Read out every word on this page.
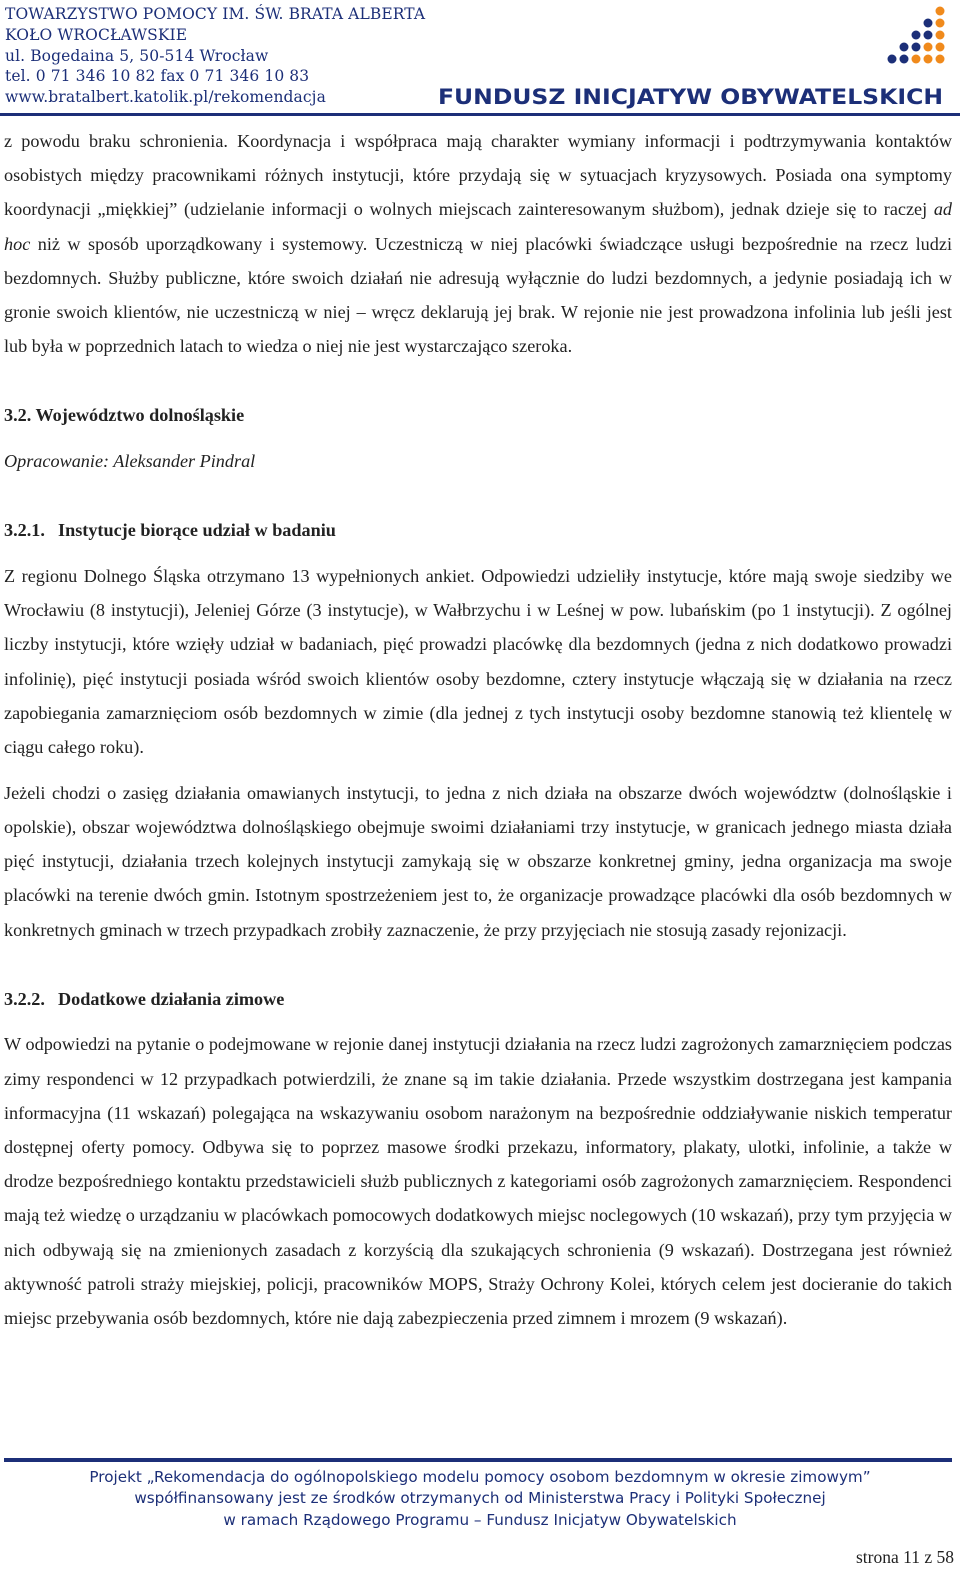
TOWARZYSTWO POMOCY IM. ŚW. BRATA ALBERTA
KOŁO WROCŁAWSKIE
ul. Bogedaina 5, 50-514 Wrocław
tel. 0 71 346 10 82 fax 0 71 346 10 83
www.bratalbert.katolik.pl/rekomendacja	FUNDUSZ INICJATYW OBYWATELSKICH

z powodu braku schronienia. Koordynacja i współpraca mają charakter wymiany informacji i podtrzymywania kontaktów osobistych między pracownikami różnych instytucji, które przydają się w sytuacjach kryzysowych. Posiada ona symptomy koordynacji „miękkiej” (udzielanie informacji o wolnych miejscach zainteresowanym służbom), jednak dzieje się to raczej ad hoc niż w sposób uporządkowany i systemowy. Uczestniczą w niej placówki świadczące usługi bezpośrednie na rzecz ludzi bezdomnych. Służby publiczne, które swoich działań nie adresują wyłącznie do ludzi bezdomnych, a jedynie posiadają ich w gronie swoich klientów, nie uczestniczą w niej – wręcz deklarują jej brak. W rejonie nie jest prowadzona infolinia lub jeśli jest lub była w poprzednich latach to wiedza o niej nie jest wystarczająco szeroka.

3.2. Województwo dolnośląskie

Opracowanie: Aleksander Pindral

3.2.1. Instytucje biorące udział w badaniu

Z regionu Dolnego Śląska otrzymano 13 wypełnionych ankiet. Odpowiedzi udzieliły instytucje, które mają swoje siedziby we Wrocławiu (8 instytucji), Jeleniej Górze (3 instytucje), w Wałbrzychu i w Leśnej w pow. lubańskim (po 1 instytucji). Z ogólnej liczby instytucji, które wzięły udział w badaniach, pięć prowadzi placówkę dla bezdomnych (jedna z nich dodatkowo prowadzi infolinię), pięć instytucji posiada wśród swoich klientów osoby bezdomne, cztery instytucje włączają się w działania na rzecz zapobiegania zamarznięciom osób bezdomnych w zimie (dla jednej z tych instytucji osoby bezdomne stanowią też klientelę w ciągu całego roku).

Jeżeli chodzi o zasięg działania omawianych instytucji, to jedna z nich działa na obszarze dwóch województw (dolnośląskie i opolskie), obszar województwa dolnośląskiego obejmuje swoimi działaniami trzy instytucje, w granicach jednego miasta działa pięć instytucji, działania trzech kolejnych instytucji zamykają się w obszarze konkretnej gminy, jedna organizacja ma swoje placówki na terenie dwóch gmin. Istotnym spostrzeżeniem jest to, że organizacje prowadzące placówki dla osób bezdomnych w konkretnych gminach w trzech przypadkach zrobiły zaznaczenie, że przy przyjęciach nie stosują zasady rejonizacji.

3.2.2. Dodatkowe działania zimowe

W odpowiedzi na pytanie o podejmowane w rejonie danej instytucji działania na rzecz ludzi zagrożonych zamarznięciem podczas zimy respondenci w 12 przypadkach potwierdzili, że znane są im takie działania. Przede wszystkim dostrzegana jest kampania informacyjna (11 wskazań) polegająca na wskazywaniu osobom narażonym na bezpośrednie oddziaływanie niskich temperatur dostępnej oferty pomocy. Odbywa się to poprzez masowe środki przekazu, informatory, plakaty, ulotki, infolinie, a także w drodze bezpośredniego kontaktu przedstawicieli służb publicznych z kategoriami osób zagrożonych zamarznięciem. Respondenci mają też wiedzę o urządzaniu w placówkach pomocowych dodatkowych miejsc noclegowych (10 wskazań), przy tym przyjęcia w nich odbywają się na zmienionych zasadach z korzyścią dla szukających schronienia (9 wskazań). Dostrzegana jest również aktywność patroli straży miejskiej, policji, pracowników MOPS, Straży Ochrony Kolei, których celem jest docieranie do takich miejsc przebywania osób bezdomnych, które nie dają zabezpieczenia przed zimnem i mrozem (9 wskazań).

Projekt „Rekomendacja do ogólnopolskiego modelu pomocy osobom bezdomnym w okresie zimowym”
współfinansowany jest ze środków otrzymanych od Ministerstwa Pracy i Polityki Społecznej
w ramach Rządowego Programu – Fundusz Inicjatyw Obywatelskich
strona 11 z 58
